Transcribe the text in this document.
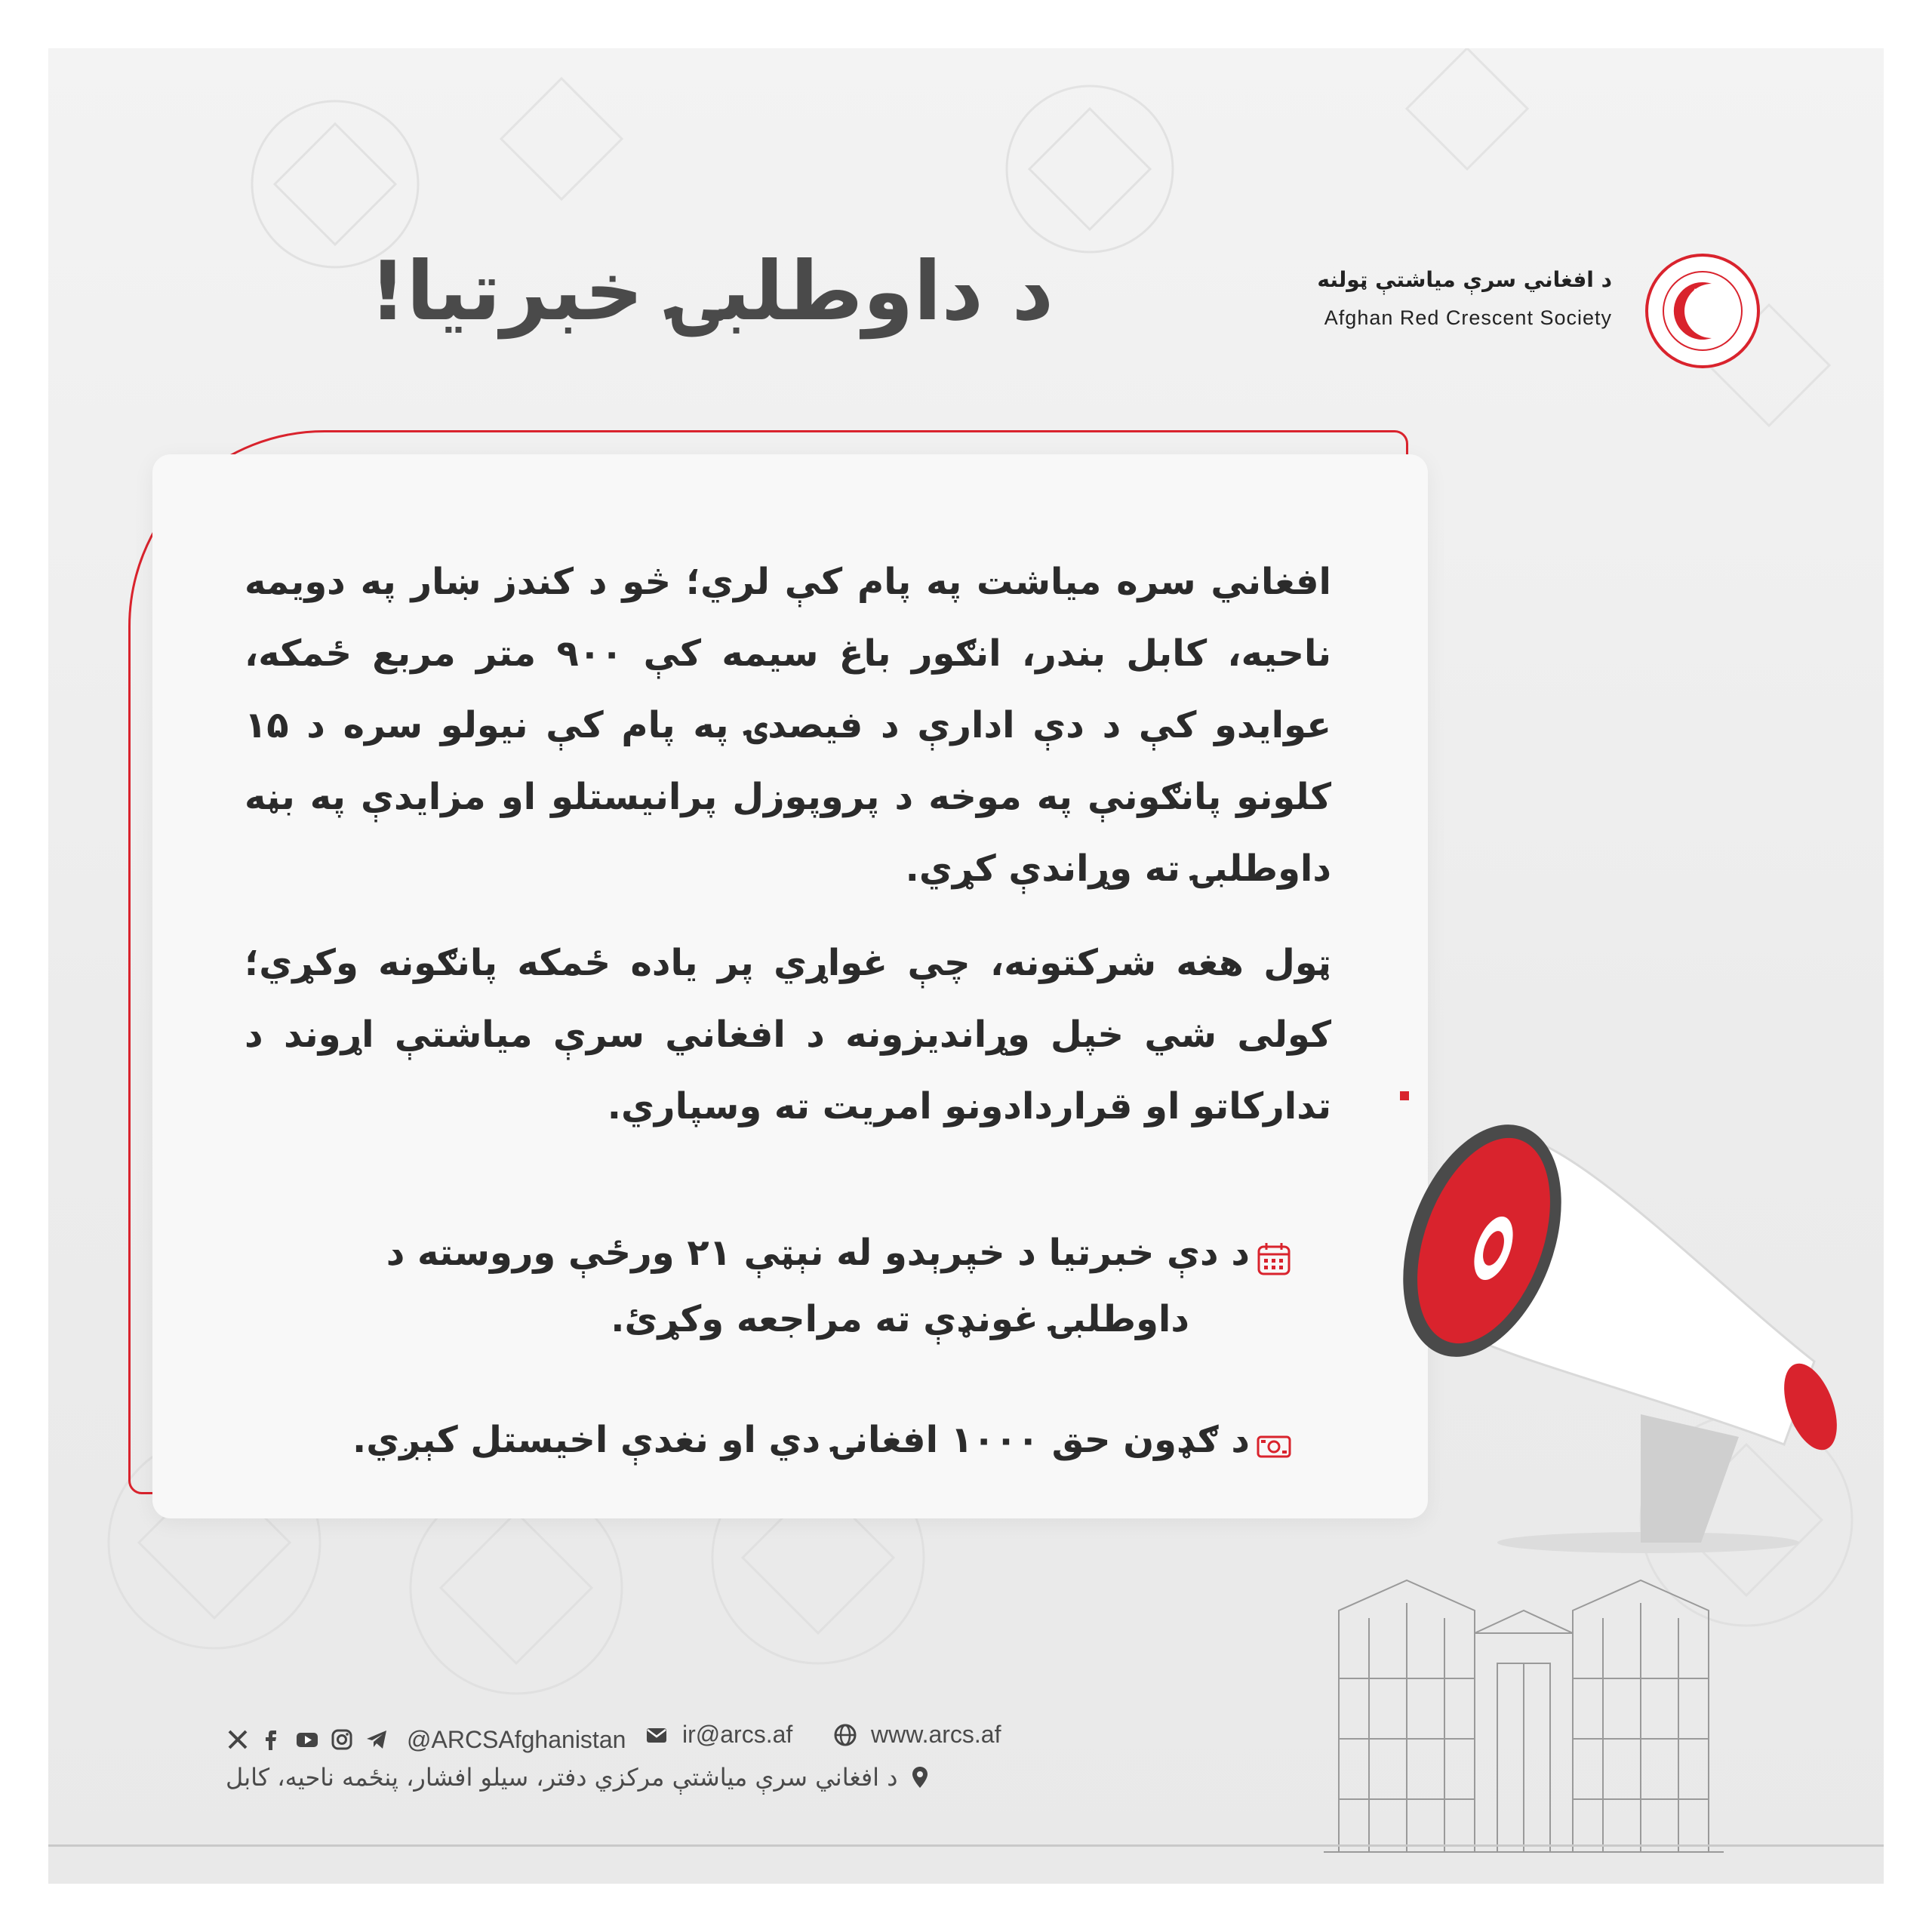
د داوطلبۍ خبرتیا!	د افغاني سرې میاشتې ټولنه
Afghan Red Crescent Society

افغاني سره میاشت په پام کې لري؛ څو د کندز ښار په دویمه ناحیه، کابل بندر، انګور باغ سیمه کې ۹۰۰ متر مربع ځمکه، عوایدو کې د دې ادارې د فیصدۍ په پام کې نیولو سره د ۱۵ کلونو پانګونې په موخه د پروپوزل پرانیستلو او مزایدې په بڼه داوطلبۍ ته وړاندې کړي.

ټول هغه شرکتونه، چې غواړي پر یاده ځمکه پانګونه وکړي؛ کولی شي خپل وړاندیزونه د افغاني سرې میاشتې اړوند د تدارکاتو او قراردادونو امریت ته وسپاري.

د دې خبرتیا د خپرېدو له نېټې ۲۱ ورځې وروسته د
داوطلبۍ غونډې ته مراجعه وکړئ.
د ګډون حق ۱۰۰۰ افغانۍ دي او نغدې اخیستل کېږي.
@ARCSAfghanistan ir@arcs.af	www.arcs.af
د افغاني سرې میاشتې مرکزي دفتر، سیلو افشار، پنځمه ناحیه، کابل
